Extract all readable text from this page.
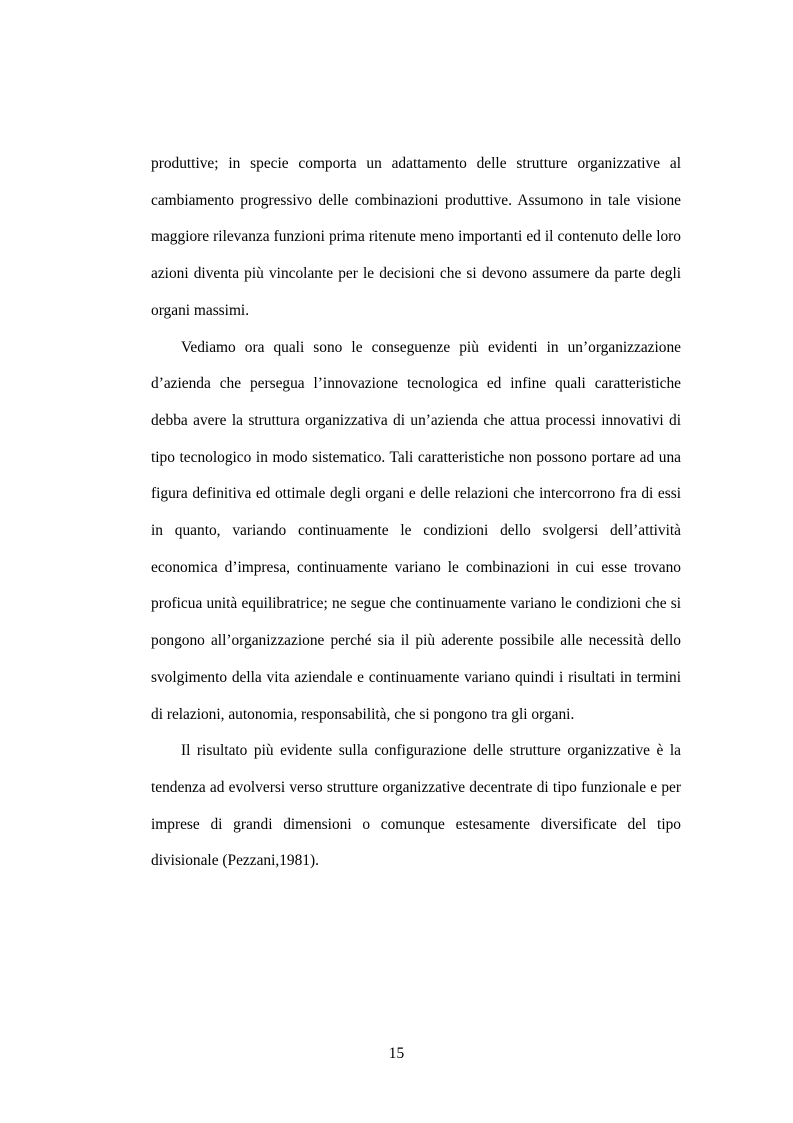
produttive; in specie comporta un adattamento delle strutture organizzative al cambiamento progressivo delle combinazioni produttive. Assumono in tale visione maggiore rilevanza funzioni prima ritenute meno importanti ed il contenuto delle loro azioni diventa più vincolante per le decisioni che si devono assumere da parte degli organi massimi.

Vediamo ora quali sono le conseguenze più evidenti in un’organizzazione d’azienda che persegua l’innovazione tecnologica ed infine quali caratteristiche debba avere la struttura organizzativa di un’azienda che attua processi innovativi di tipo tecnologico in modo sistematico. Tali caratteristiche non possono portare ad una figura definitiva ed ottimale degli organi e delle relazioni che intercorrono fra di essi in quanto, variando continuamente le condizioni dello svolgersi dell’attività economica d’impresa, continuamente variano le combinazioni in cui esse trovano proficua unità equilibratrice; ne segue che continuamente variano le condizioni che si pongono all’organizzazione perché sia il più aderente possibile alle necessità dello svolgimento della vita aziendale e continuamente variano quindi i risultati in termini di relazioni, autonomia, responsabilità, che si pongono tra gli organi.

Il risultato più evidente sulla configurazione delle strutture organizzative è la tendenza ad evolversi verso strutture organizzative decentrate di tipo funzionale e per imprese di grandi dimensioni o comunque estesamente diversificate del tipo divisionale (Pezzani,1981).

15
